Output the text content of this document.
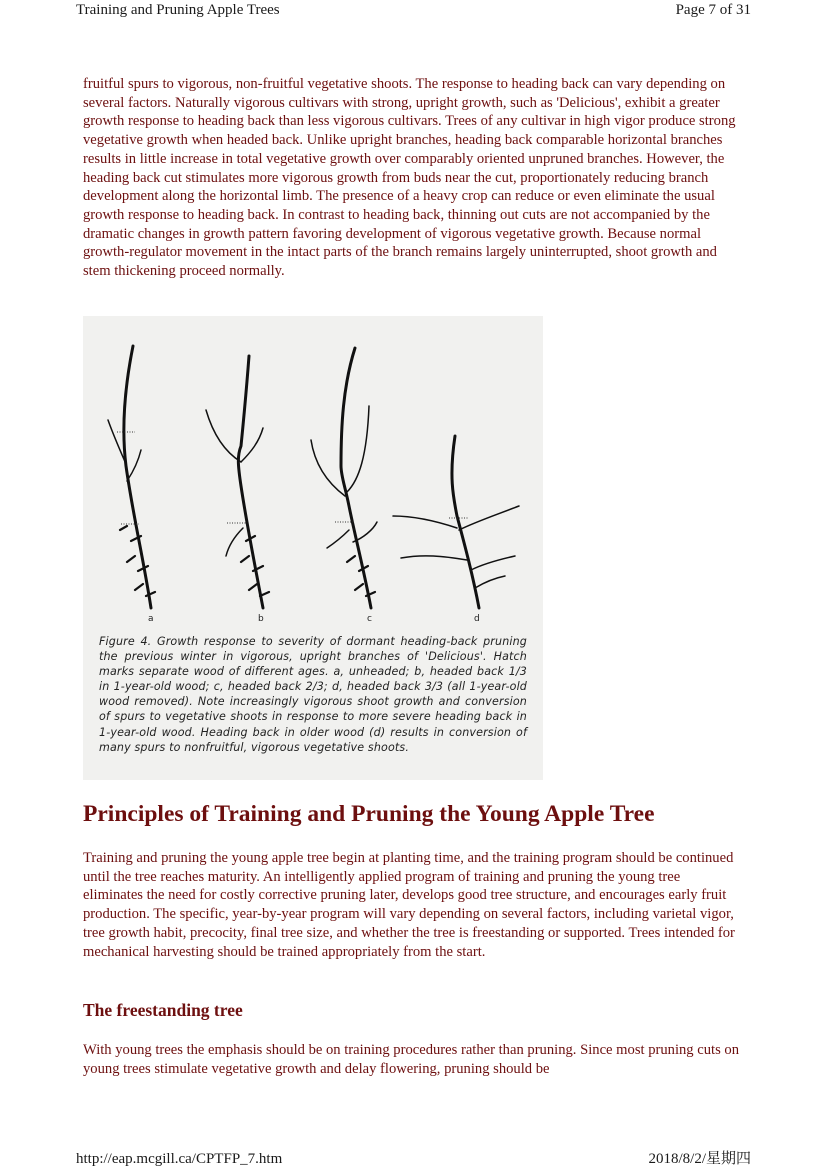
Training and Pruning Apple Trees	Page 7 of 31

fruitful spurs to vigorous, non-fruitful vegetative shoots. The response to heading back can vary depending on several factors. Naturally vigorous cultivars with strong, upright growth, such as 'Delicious', exhibit a greater growth response to heading back than less vigorous cultivars. Trees of any cultivar in high vigor produce strong vegetative growth when headed back. Unlike upright branches, heading back comparable horizontal branches results in little increase in total vegetative growth over comparably oriented unpruned branches. However, the heading back cut stimulates more vigorous growth from buds near the cut, proportionately reducing branch development along the horizontal limb. The presence of a heavy crop can reduce or even eliminate the usual growth response to heading back. In contrast to heading back, thinning out cuts are not accompanied by the dramatic changes in growth pattern favoring development of vigorous vegetative growth. Because normal growth-regulator movement in the intact parts of the branch remains largely uninterrupted, shoot growth and stem thickening proceed normally.

a	b	c	d
Figure 4. Growth response to severity of dormant heading-back pruning the previous winter in vigorous, upright branches of 'Delicious'. Hatch marks separate wood of different ages. a, unheaded; b, headed back 1/3 in 1-year-old wood; c, headed back 2/3; d, headed back 3/3 (all 1-year-old wood removed). Note increasingly vigorous shoot growth and conversion of spurs to vegetative shoots in response to more severe heading back in 1-year-old wood. Heading back in older wood (d) results in conversion of many spurs to nonfruitful, vigorous vegetative shoots.
Principles of Training and Pruning the Young Apple Tree

Training and pruning the young apple tree begin at planting time, and the training program should be continued until the tree reaches maturity. An intelligently applied program of training and pruning the young tree eliminates the need for costly corrective pruning later, develops good tree structure, and encourages early fruit production. The specific, year-by-year program will vary depending on several factors, including varietal vigor, tree growth habit, precocity, final tree size, and whether the tree is freestanding or supported. Trees intended for mechanical harvesting should be trained appropriately from the start.

The freestanding tree

With young trees the emphasis should be on training procedures rather than pruning. Since most pruning cuts on young trees stimulate vegetative growth and delay flowering, pruning should be

http://eap.mcgill.ca/CPTFP_7.htm	2018/8/2/星期四
